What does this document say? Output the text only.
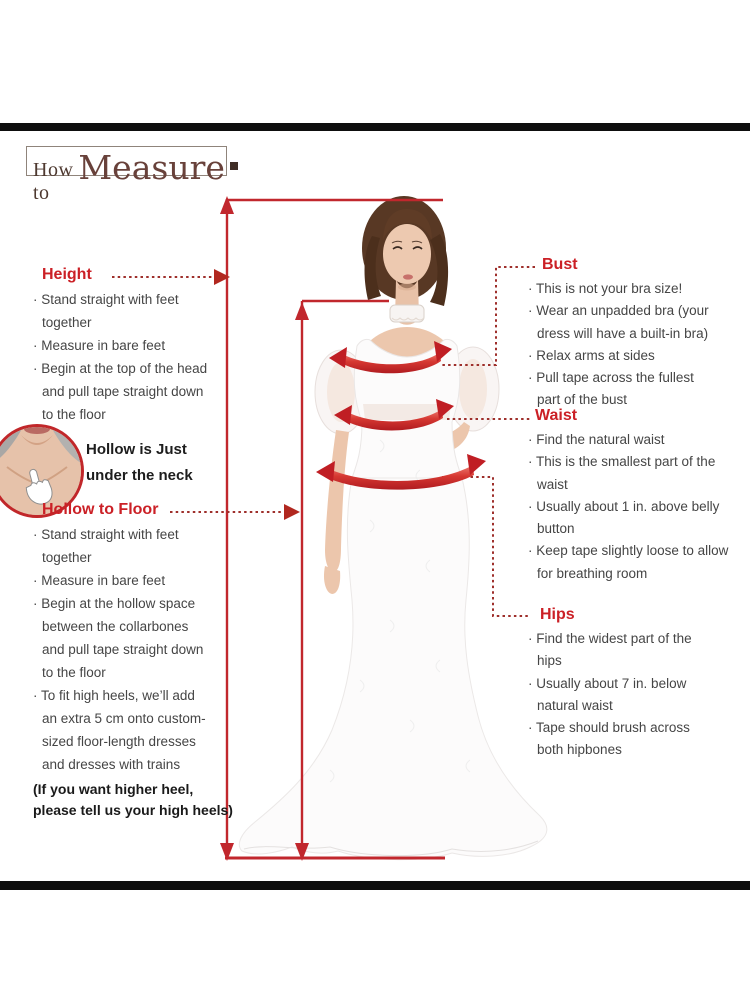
How to
Measure
Height
· Stand straight with feet
together
· Measure in bare feet
· Begin at the top of the head
and pull tape straight down
to the floor
Hollow is Just
under the neck
Hollow to Floor
· Stand straight with feet
together
· Measure in bare feet
· Begin at the hollow space
between the collarbones
and pull tape straight down
to the floor
· To fit high heels, we’ll add
an extra 5 cm onto custom-
sized floor-length dresses
and dresses with trains
(If you want higher heel,
please tell us your high heels)
Bust
· This is not your bra size!
· Wear an unpadded bra (your
dress will have a built-in bra)
· Relax arms at sides
· Pull tape across the fullest
part of the bust
Waist
· Find the natural waist
· This is the smallest part of the
waist
· Usually about 1 in. above belly
button
· Keep tape slightly loose to allow
for breathing room
Hips
· Find the widest part of the
hips
· Usually about 7 in. below
natural waist
· Tape should brush across
both hipbones
